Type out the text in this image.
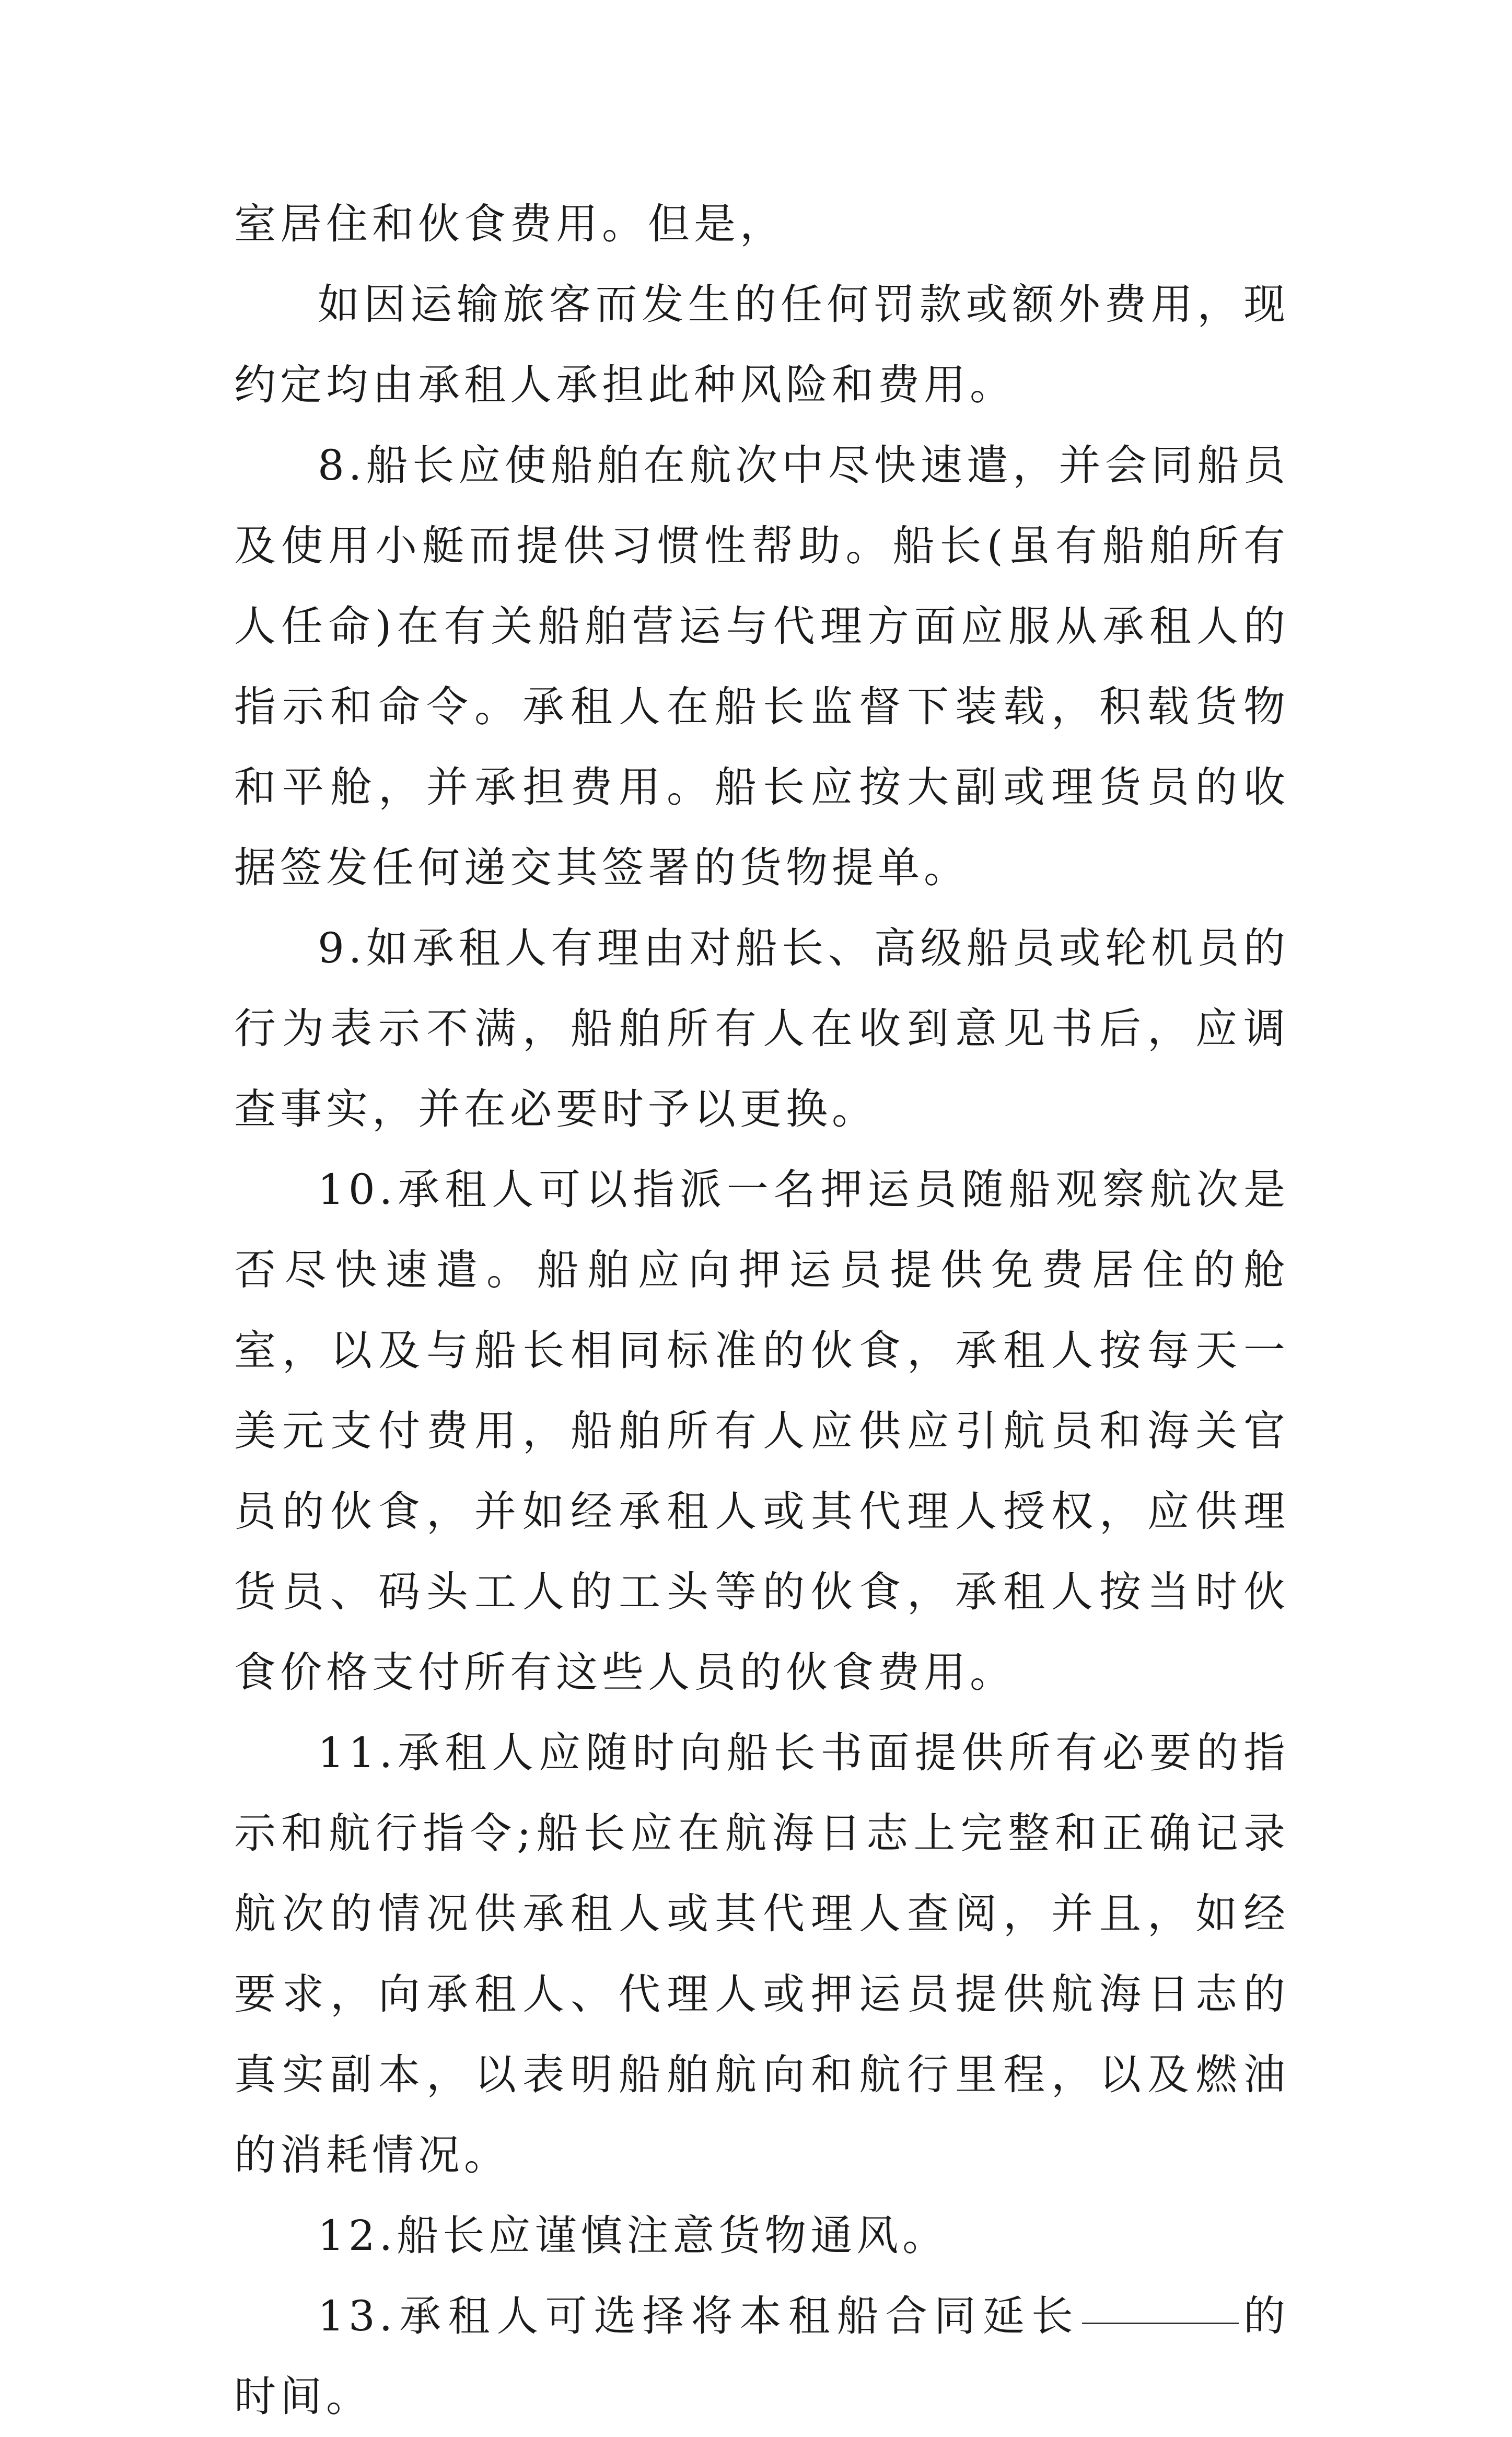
室居住和伙食费用。但是，

如因运输旅客而发生的任何罚款或额外费用，现约定均由承租人承担此种风险和费用。

8.船长应使船舶在航次中尽快速遣，并会同船员及使用小艇而提供习惯性帮助。船长(虽有船舶所有人任命)在有关船舶营运与代理方面应服从承租人的指示和命令。承租人在船长监督下装载，积载货物和平舱，并承担费用。船长应按大副或理货员的收据签发任何递交其签署的货物提单。

9.如承租人有理由对船长、高级船员或轮机员的行为表示不满，船舶所有人在收到意见书后，应调查事实，并在必要时予以更换。

10.承租人可以指派一名押运员随船观察航次是否尽快速遣。船舶应向押运员提供免费居住的舱室，以及与船长相同标准的伙食，承租人按每天一美元支付费用，船舶所有人应供应引航员和海关官员的伙食，并如经承租人或其代理人授权，应供理货员、码头工人的工头等的伙食，承租人按当时伙食价格支付所有这些人员的伙食费用。

11.承租人应随时向船长书面提供所有必要的指示和航行指令;船长应在航海日志上完整和正确记录航次的情况供承租人或其代理人查阅，并且，如经要求，向承租人、代理人或押运员提供航海日志的真实副本，以表明船舶航向和航行里程，以及燃油的消耗情况。

12.船长应谨慎注意货物通风。

13.承租人可选择将本租船合同延长	的时间。
